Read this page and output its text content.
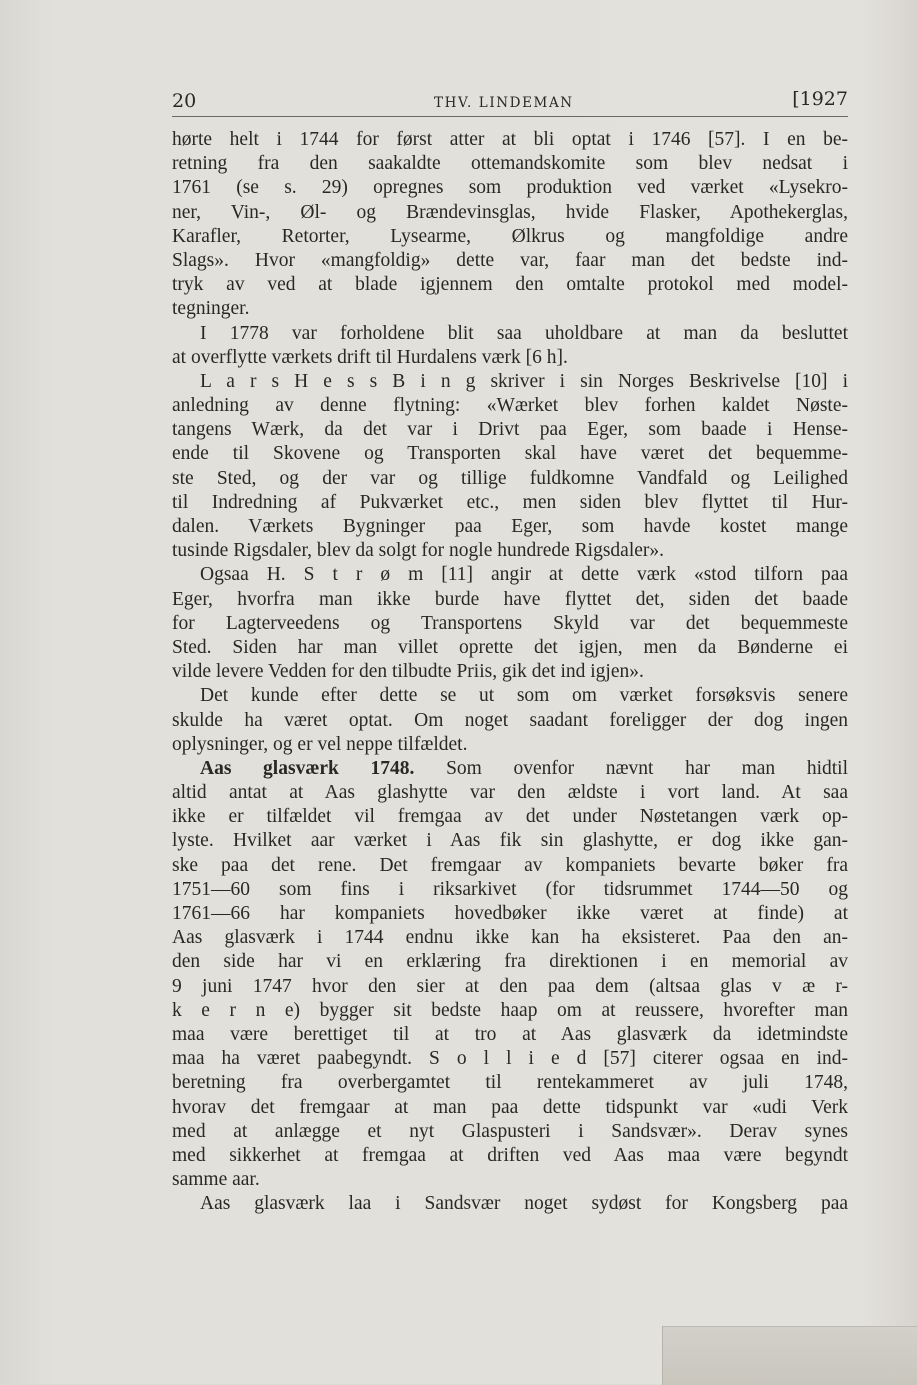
20	THV. LINDEMAN	[1927
hørte helt i 1744 for først atter at bli optat i 1746 [57]. I en be-
retning fra den saakaldte ottemandskomite som blev nedsat i
1761 (se s. 29) opregnes som produktion ved værket «Lysekro-
ner, Vin-, Øl- og Brændevinsglas, hvide Flasker, Apothekerglas,
Karafler, Retorter, Lysearme, Ølkrus og mangfoldige andre
Slags». Hvor «mangfoldig» dette var, faar man det bedste ind-
tryk av ved at blade igjennem den omtalte protokol med model-
tegninger.
I 1778 var forholdene blit saa uholdbare at man da besluttet
at overflytte værkets drift til Hurdalens værk [6 h].
L a r s H e s s B i n g skriver i sin Norges Beskrivelse [10] i
anledning av denne flytning: «Wærket blev forhen kaldet Nøste-
tangens Wærk, da det var i Drivt paa Eger, som baade i Hense-
ende til Skovene og Transporten skal have været det bequemme-
ste Sted, og der var og tillige fuldkomne Vandfald og Leilighed
til Indredning af Pukværket etc., men siden blev flyttet til Hur-
dalen. Værkets Bygninger paa Eger, som havde kostet mange
tusinde Rigsdaler, blev da solgt for nogle hundrede Rigsdaler».
Ogsaa H. S t r ø m [11] angir at dette værk «stod tilforn paa
Eger, hvorfra man ikke burde have flyttet det, siden det baade
for Lagterveedens og Transportens Skyld var det bequemmeste
Sted. Siden har man villet oprette det igjen, men da Bønderne ei
vilde levere Vedden for den tilbudte Priis, gik det ind igjen».
Det kunde efter dette se ut som om værket forsøksvis senere
skulde ha været optat. Om noget saadant foreligger der dog ingen
oplysninger, og er vel neppe tilfældet.
Aas glasværk 1748. Som ovenfor nævnt har man hidtil
altid antat at Aas glashytte var den ældste i vort land. At saa
ikke er tilfældet vil fremgaa av det under Nøstetangen værk op-
lyste. Hvilket aar værket i Aas fik sin glashytte, er dog ikke gan-
ske paa det rene. Det fremgaar av kompaniets bevarte bøker fra
1751—60 som fins i riksarkivet (for tidsrummet 1744—50 og
1761—66 har kompaniets hovedbøker ikke været at finde) at
Aas glasværk i 1744 endnu ikke kan ha eksisteret. Paa den an-
den side har vi en erklæring fra direktionen i en memorial av
9 juni 1747 hvor den sier at den paa dem (altsaa glas v æ r-
k e r n e) bygger sit bedste haap om at reussere, hvorefter man
maa være berettiget til at tro at Aas glasværk da idetmindste
maa ha været paabegyndt. S o l l i e d [57] citerer ogsaa en ind-
beretning fra overbergamtet til rentekammeret av juli 1748,
hvorav det fremgaar at man paa dette tidspunkt var «udi Verk
med at anlægge et nyt Glaspusteri i Sandsvær». Derav synes
med sikkerhet at fremgaa at driften ved Aas maa være begyndt
samme aar.
Aas glasværk laa i Sandsvær noget sydøst for Kongsberg paa
